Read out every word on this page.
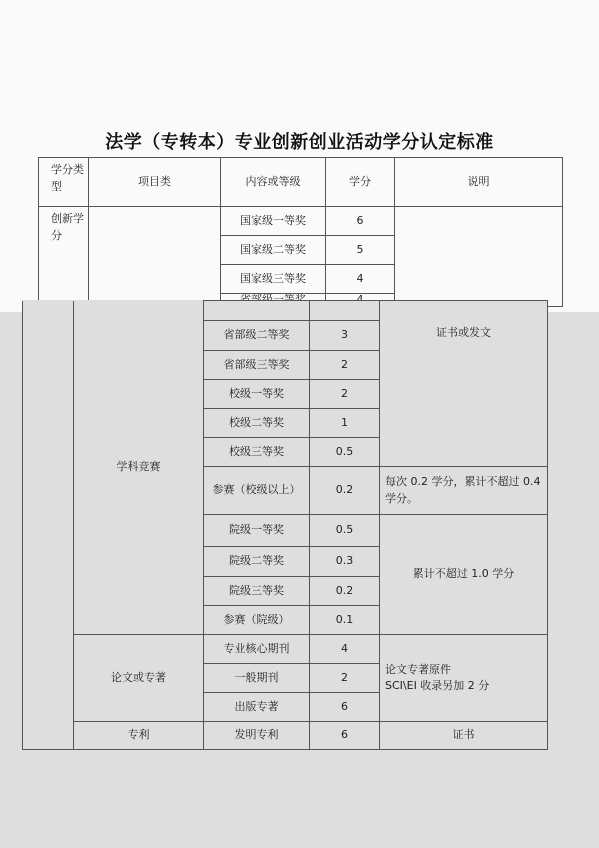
法学（专转本）专业创新创业活动学分认定标准
学分类型	项目类	内容或等级	学分	说明
创新学分		国家级一等奖	6	
		国家级二等奖	5	
		国家级三等奖	4	

	学科竞赛			证书或发文
		省部级二等奖	3	
		省部级三等奖	2	
		校级一等奖	2	
		校级二等奖	1	
		校级三等奖	0.5	
		参赛（校级以上）	0.2	每次 0.2 学分，累计不超过 0.4 学分。
		院级一等奖	0.5	累计不超过 1.0 学分
		院级二等奖	0.3	
		院级三等奖	0.2	
		参赛（院级）	0.1	
	论文或专著	专业核心期刊	4	论文专著原件
SCI\EI 收录另加 2 分
		一般期刊	2	
		出版专著	6	
	专利	发明专利	6	证书
